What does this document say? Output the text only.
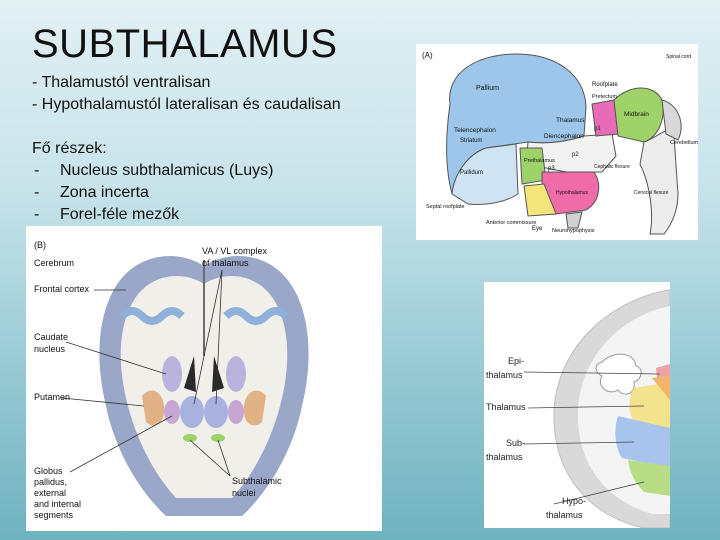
SUBTHALAMUS
- Thalamustól ventralisan
- Hypothalamustól lateralisan és caudalisan
Fő részek:
- Nucleus subthalamicus (Luys)
- Zona incerta
- Forel-féle mezők
(A)
Pallium
Telencephalon
Striatum
Pallidum
Septal roofplate
Anterior commissure
Eye
Roofplate
Pretectum
Midbrain
Thalamus
Diencephalon
Prethalamus
Cerebellum
Cephalic flexure
Cervical flexure
Spinal cord
Neurohypophysis
Hypothalamus
p1
p2
p3
(B)
Cerebrum
Frontal cortex
Caudate
nucleus
Putamen
Globus
pallidus,
external
and internal
segments
VA / VL complex
of thalamus
Subthalamic
nuclei
Epi-
thalamus
Thalamus
Sub-
thalamus
Hypo-
thalamus
